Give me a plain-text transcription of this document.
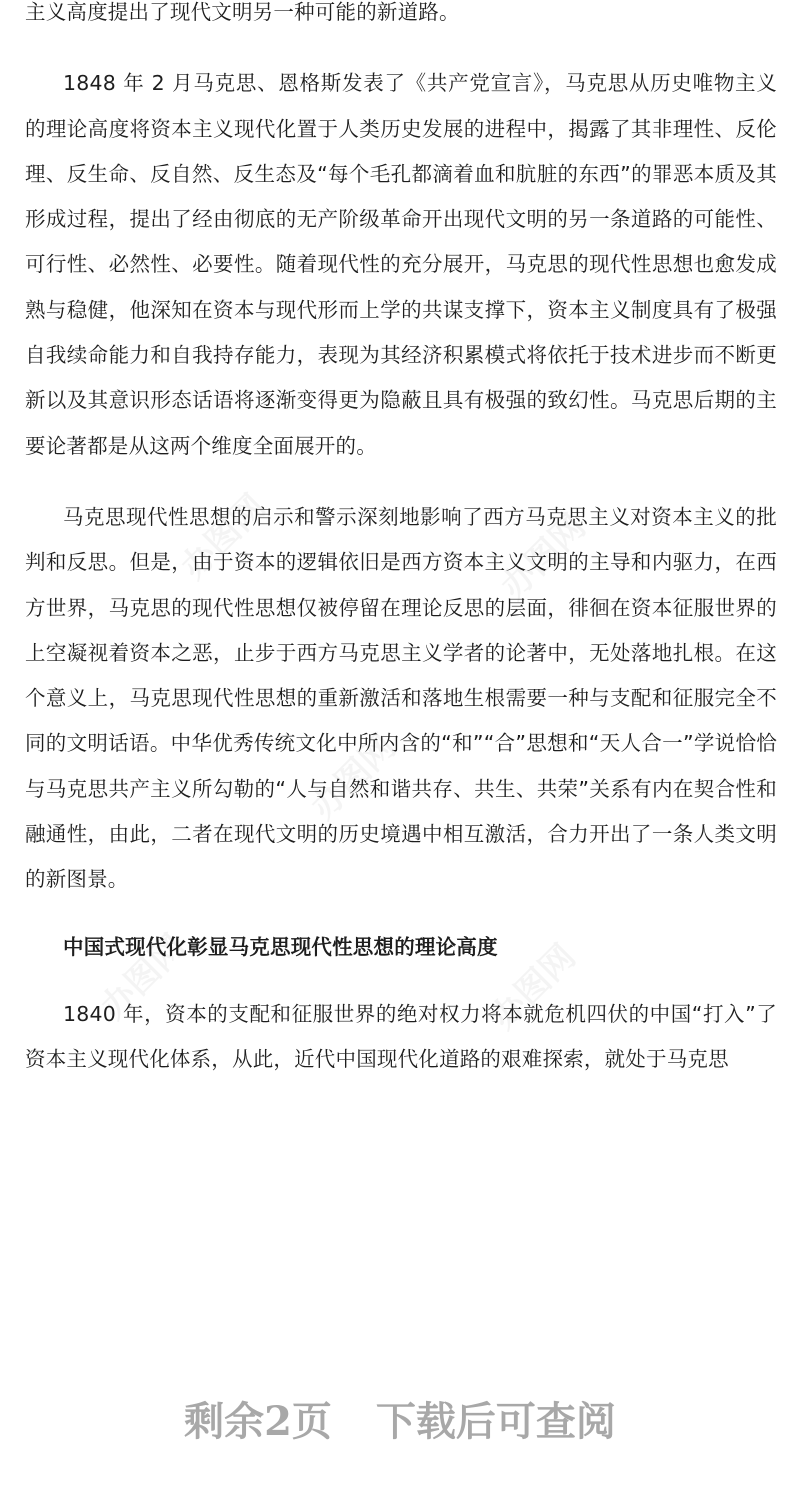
主义高度提出了现代文明另一种可能的新道路。

1848 年 2 月马克思、恩格斯发表了《共产党宣言》，马克思从历史唯物主义的理论高度将资本主义现代化置于人类历史发展的进程中，揭露了其非理性、反伦理、反生命、反自然、反生态及“每个毛孔都滴着血和肮脏的东西”的罪恶本质及其形成过程，提出了经由彻底的无产阶级革命开出现代文明的另一条道路的可能性、可行性、必然性、必要性。随着现代性的充分展开，马克思的现代性思想也愈发成熟与稳健，他深知在资本与现代形而上学的共谋支撑下，资本主义制度具有了极强自我续命能力和自我持存能力，表现为其经济积累模式将依托于技术进步而不断更新以及其意识形态话语将逐渐变得更为隐蔽且具有极强的致幻性。马克思后期的主要论著都是从这两个维度全面展开的。

马克思现代性思想的启示和警示深刻地影响了西方马克思主义对资本主义的批判和反思。但是，由于资本的逻辑依旧是西方资本主义文明的主导和内驱力，在西方世界，马克思的现代性思想仅被停留在理论反思的层面，徘徊在资本征服世界的上空凝视着资本之恶，止步于西方马克思主义学者的论著中，无处落地扎根。在这个意义上，马克思现代性思想的重新激活和落地生根需要一种与支配和征服完全不同的文明话语。中华优秀传统文化中所内含的“和”“合”思想和“天人合一”学说恰恰与马克思共产主义所勾勒的“人与自然和谐共存、共生、共荣”关系有内在契合性和融通性，由此，二者在现代文明的历史境遇中相互激活，合力开出了一条人类文明的新图景。

中国式现代化彰显马克思现代性思想的理论高度

1840 年，资本的支配和征服世界的绝对权力将本就危机四伏的中国“打入”了资本主义现代化体系，从此，近代中国现代化道路的艰难探索，就处于马克思

剩余2页 下载后可查阅
